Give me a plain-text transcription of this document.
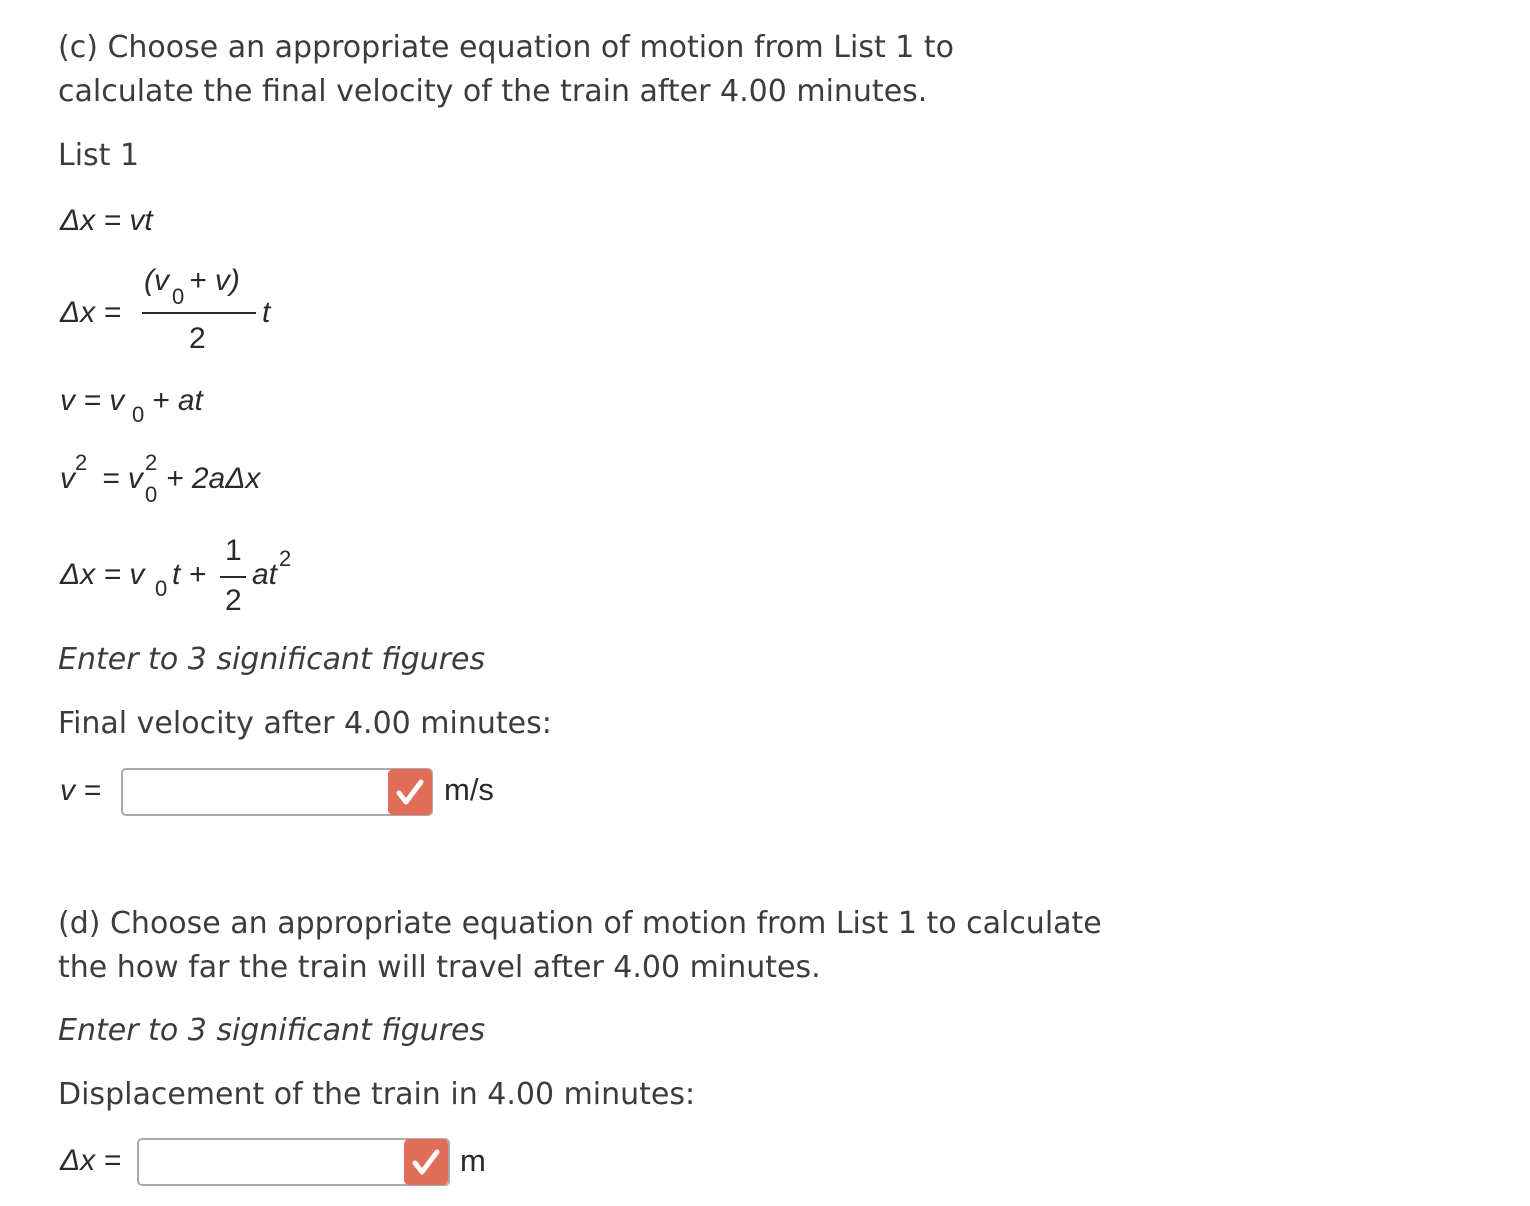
(c) Choose an appropriate equation of motion from List 1 to
calculate the final velocity of the train after 4.00 minutes.
List 1
Δx = vt
Δx =
(v + v)
0
2
t
v = v 0 + at
v 2 = v 2
0 + 2aΔx
Δx = v 0 t +
1
2
at 2
Enter to 3 significant figures
Final velocity after 4.00 minutes:
v =	m/s
(d) Choose an appropriate equation of motion from List 1 to calculate
the how far the train will travel after 4.00 minutes.
Enter to 3 significant figures
Displacement of the train in 4.00 minutes:
Δx =	m
